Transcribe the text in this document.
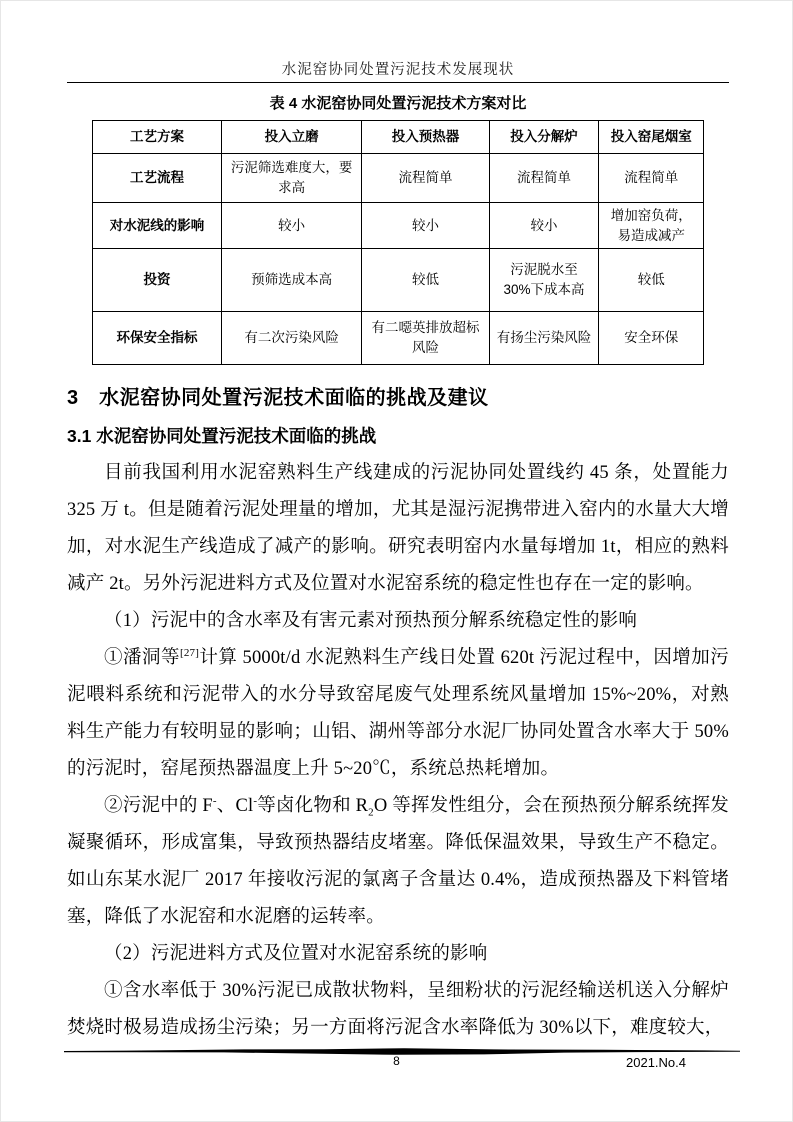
水泥窑协同处置污泥技术发展现状
表 4 水泥窑协同处置污泥技术方案对比
工艺方案	投入立磨	投入预热器	投入分解炉	投入窑尾烟室
工艺流程	污泥筛选难度大，要求高	流程简单	流程简单	流程简单
对水泥线的影响	较小	较小	较小	增加窑负荷，易造成减产
投资	预筛选成本高	较低	污泥脱水至 30%下成本高	较低
环保安全指标	有二次污染风险	有二噁英排放超标风险	有扬尘污染风险	安全环保
3　水泥窑协同处置污泥技术面临的挑战及建议
3.1 水泥窑协同处置污泥技术面临的挑战

目前我国利用水泥窑熟料生产线建成的污泥协同处置线约 45 条，处置能力 325 万 t。但是随着污泥处理量的增加，尤其是湿污泥携带进入窑内的水量大大增加，对水泥生产线造成了减产的影响。研究表明窑内水量每增加 1t，相应的熟料减产 2t。另外污泥进料方式及位置对水泥窑系统的稳定性也存在一定的影响。

（1）污泥中的含水率及有害元素对预热预分解系统稳定性的影响

①潘洞等[27]计算 5000t/d 水泥熟料生产线日处置 620t 污泥过程中，因增加污泥喂料系统和污泥带入的水分导致窑尾废气处理系统风量增加 15%~20%，对熟料生产能力有较明显的影响；山铝、湖州等部分水泥厂协同处置含水率大于 50%的污泥时，窑尾预热器温度上升 5~20℃，系统总热耗增加。

②污泥中的 F-、Cl-等卤化物和 $R_2O$ 等挥发性组分，会在预热预分解系统挥发凝聚循环，形成富集，导致预热器结皮堵塞。降低保温效果，导致生产不稳定。如山东某水泥厂 2017 年接收污泥的氯离子含量达 0.4%，造成预热器及下料管堵塞，降低了水泥窑和水泥磨的运转率。

（2）污泥进料方式及位置对水泥窑系统的影响

①含水率低于 30%污泥已成散状物料，呈细粉状的污泥经输送机送入分解炉焚烧时极易造成扬尘污染；另一方面将污泥含水率降低为 30%以下，难度较大，

8	2021.No.4
